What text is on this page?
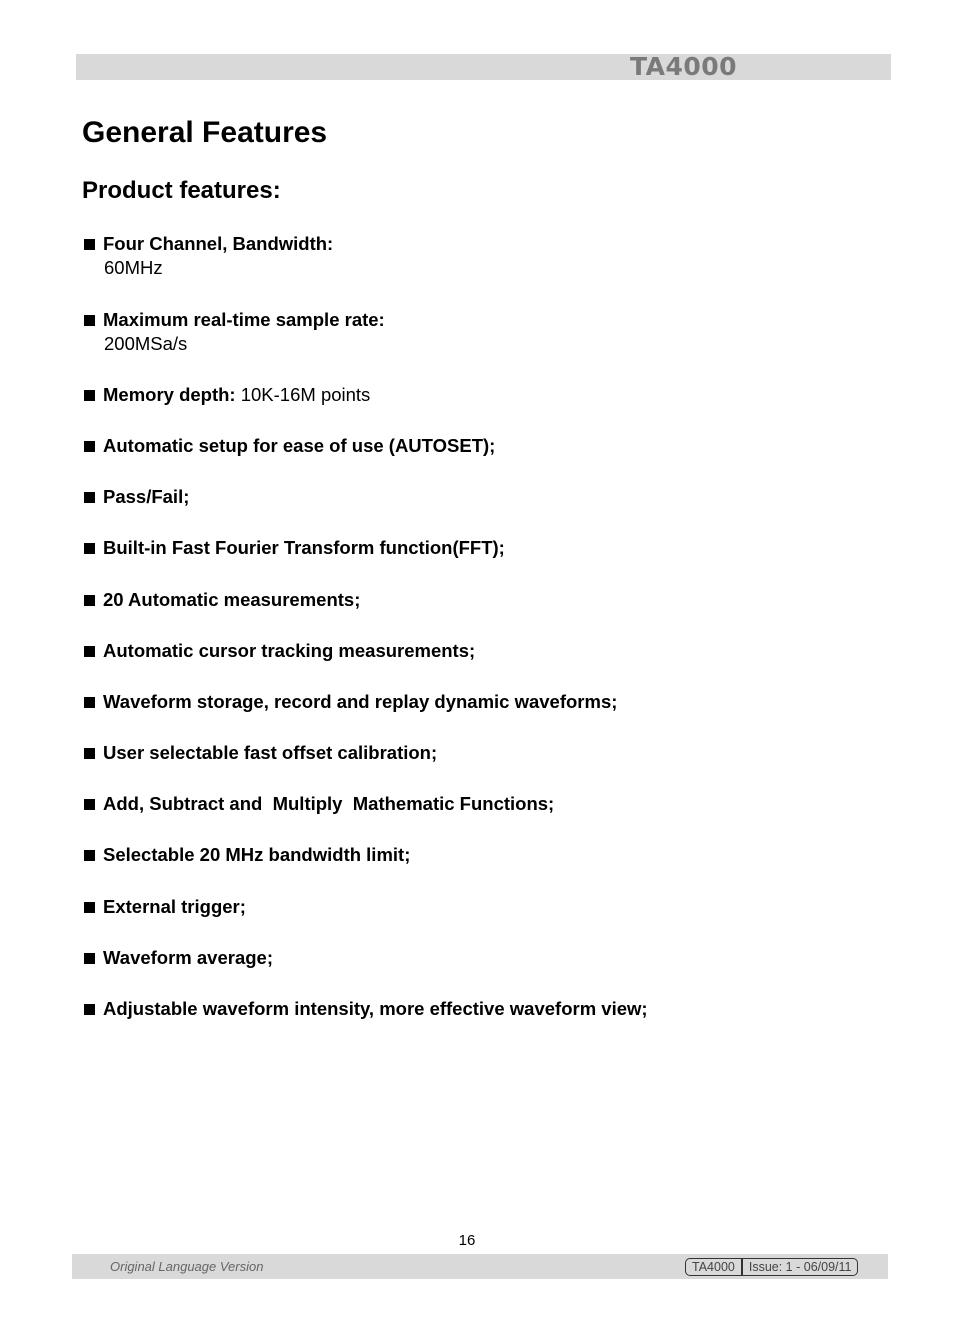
TA4000
General Features
Product features:
Four Channel, Bandwidth:
60MHz
Maximum real-time sample rate:
200MSa/s
Memory depth: 10K-16M points
Automatic setup for ease of use (AUTOSET);
Pass/Fail;
Built-in Fast Fourier Transform function(FFT);
20 Automatic measurements;
Automatic cursor tracking measurements;
Waveform storage, record and replay dynamic waveforms;
User selectable fast offset calibration;
Add, Subtract and  Multiply  Mathematic Functions;
Selectable 20 MHz bandwidth limit;
External trigger;
Waveform average;
Adjustable waveform intensity, more effective waveform view;
16
Original Language Version	TA4000	Issue: 1 - 06/09/11
